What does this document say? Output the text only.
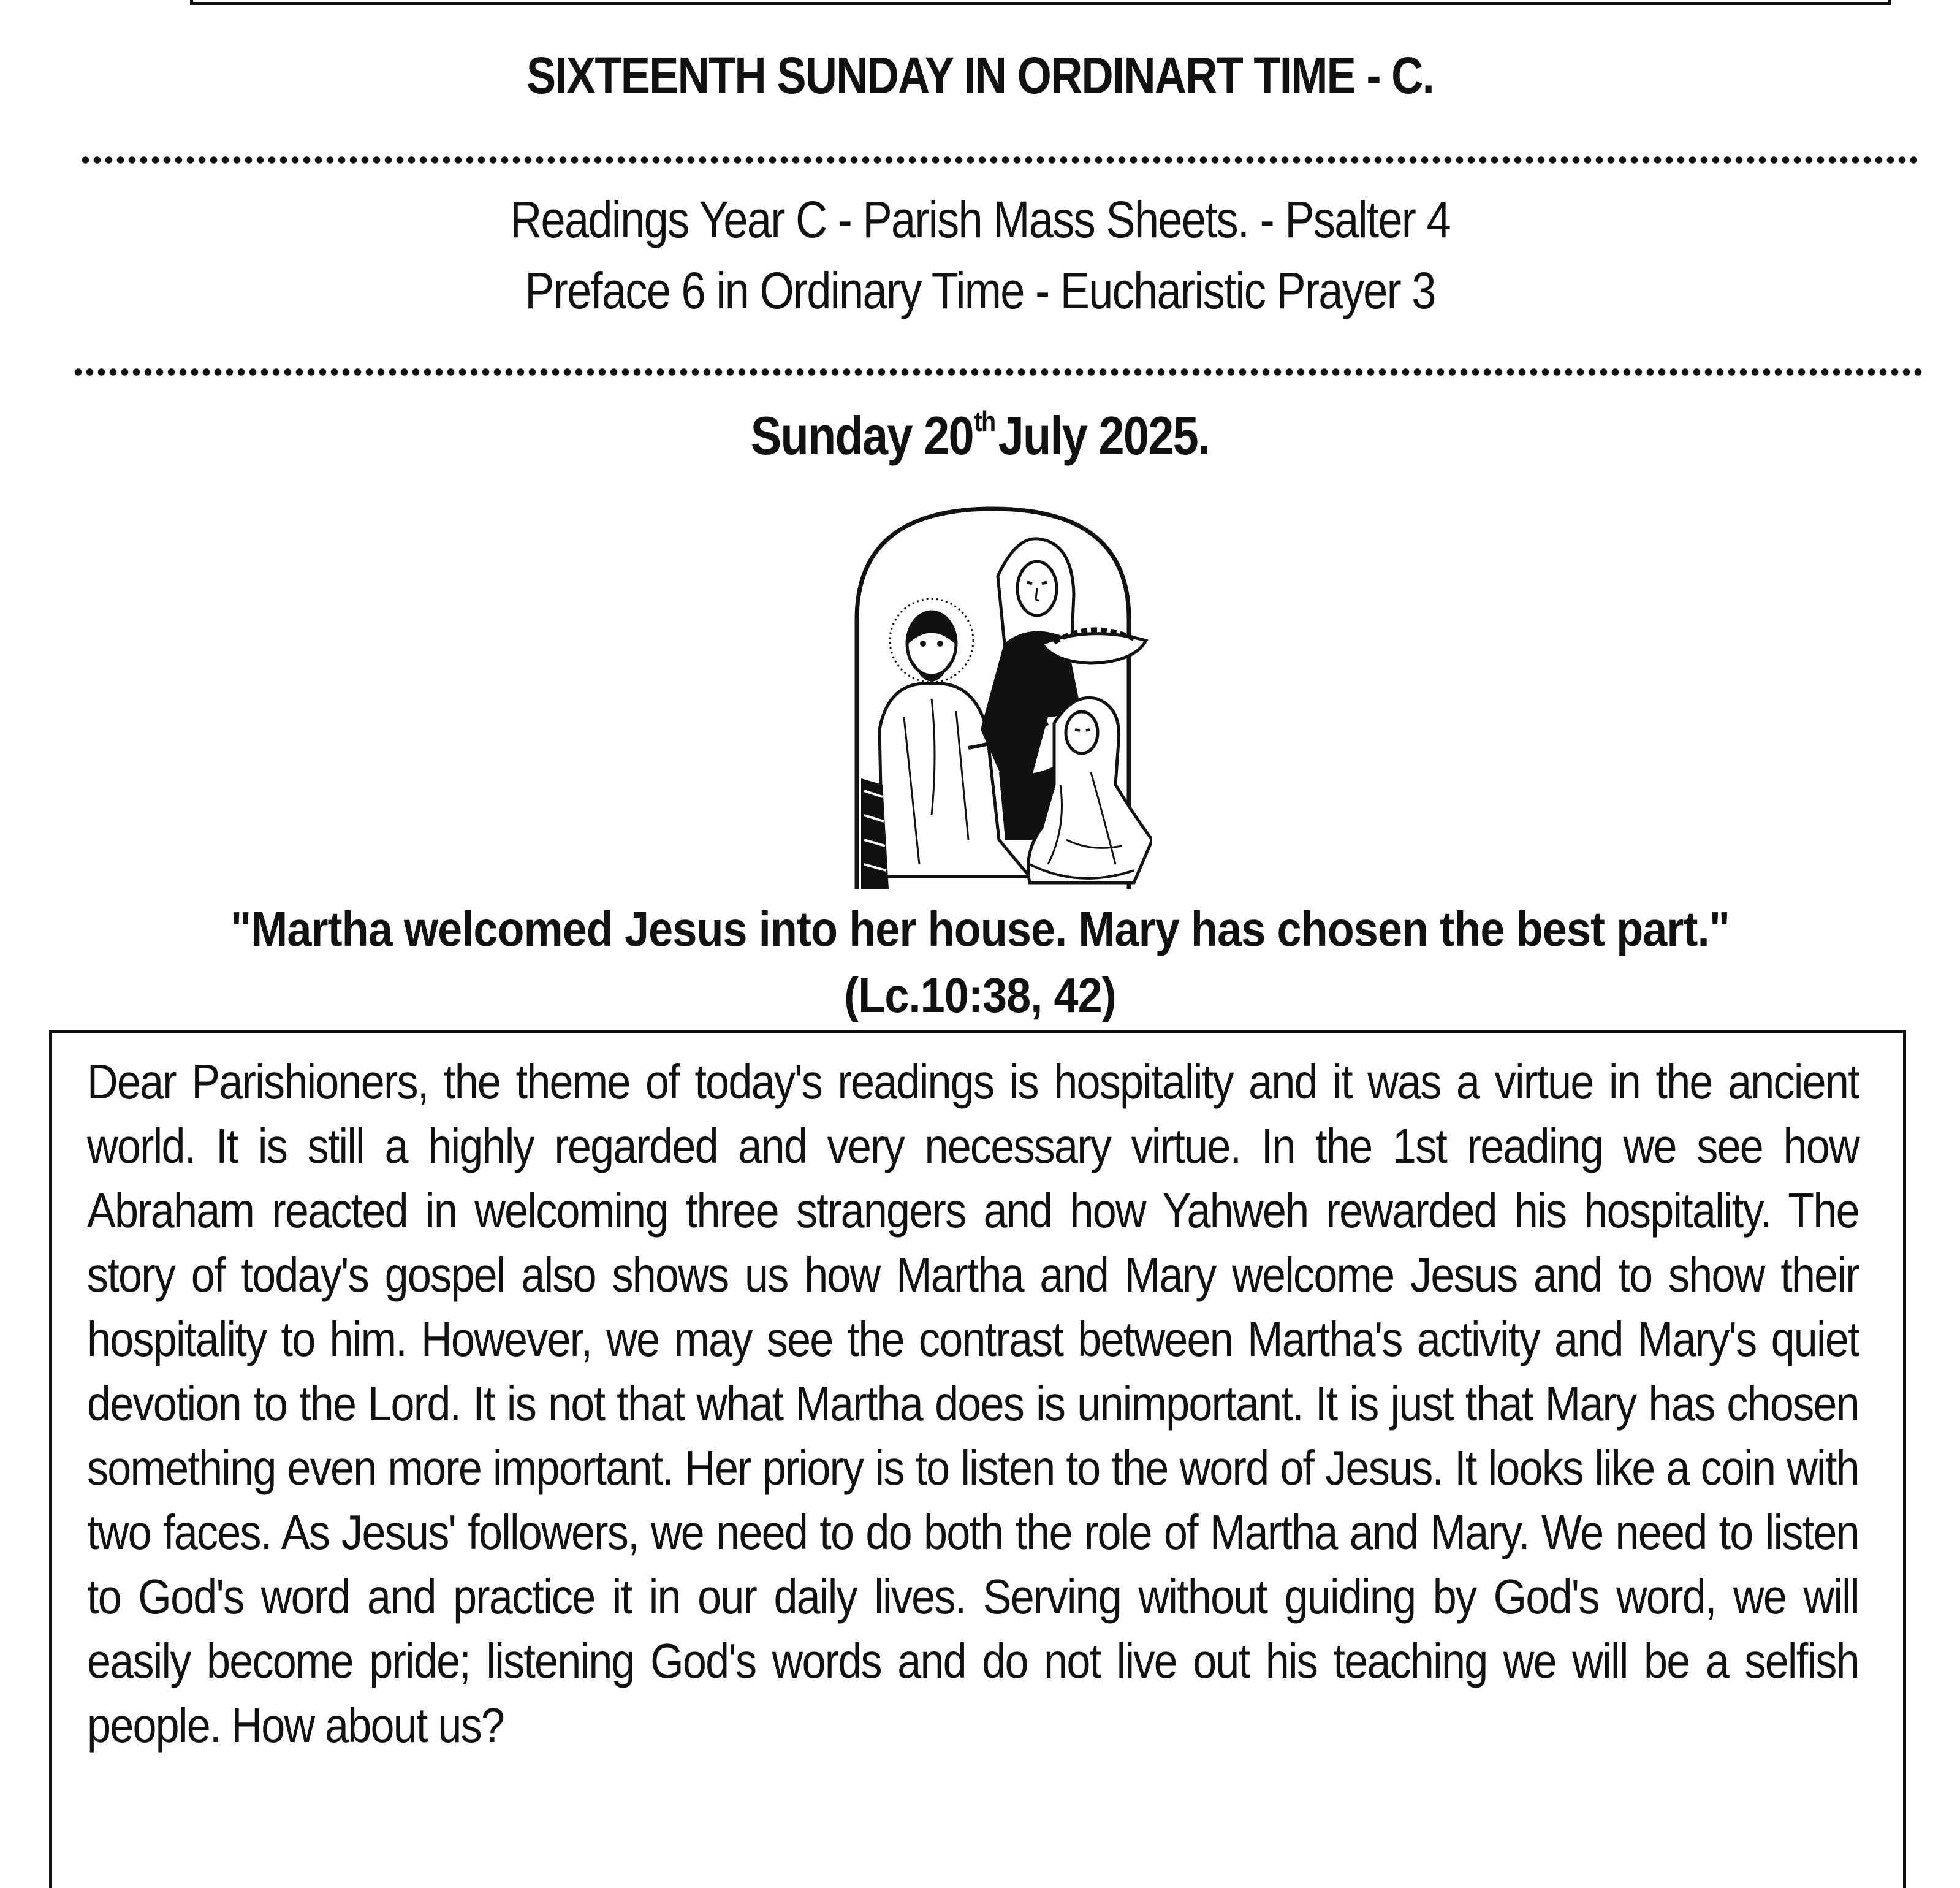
SIXTEENTH SUNDAY IN ORDINART TIME - C.
Readings Year C - Parish Mass Sheets. - Psalter 4
Preface 6 in Ordinary Time - Eucharistic Prayer 3
Sunday 20thJuly 2025.
"Martha welcomed Jesus into her house. Mary has chosen the best part."
(Lc.10:38, 42)
Dear Parishioners, the theme of today's readings is hospitality and it was a virtue in the ancient world. It is still a highly regarded and very necessary virtue. In the 1st reading we see how Abraham reacted in welcoming three strangers and how Yahweh rewarded his hospitality. The story of today's gospel also shows us how Martha and Mary welcome Jesus and to show their hospitality to him. However, we may see the contrast between Martha's activity and Mary's quiet devotion to the Lord. It is not that what Martha does is unimportant. It is just that Mary has chosen something even more important. Her priory is to listen to the word of Jesus. It looks like a coin with two faces. As Jesus' followers, we need to do both the role of Martha and Mary. We need to listen to God's word and practice it in our daily lives. Serving without guiding by God's word, we will easily become pride; listening God's words and do not live out his teaching we will be a selfish people. How about us?
